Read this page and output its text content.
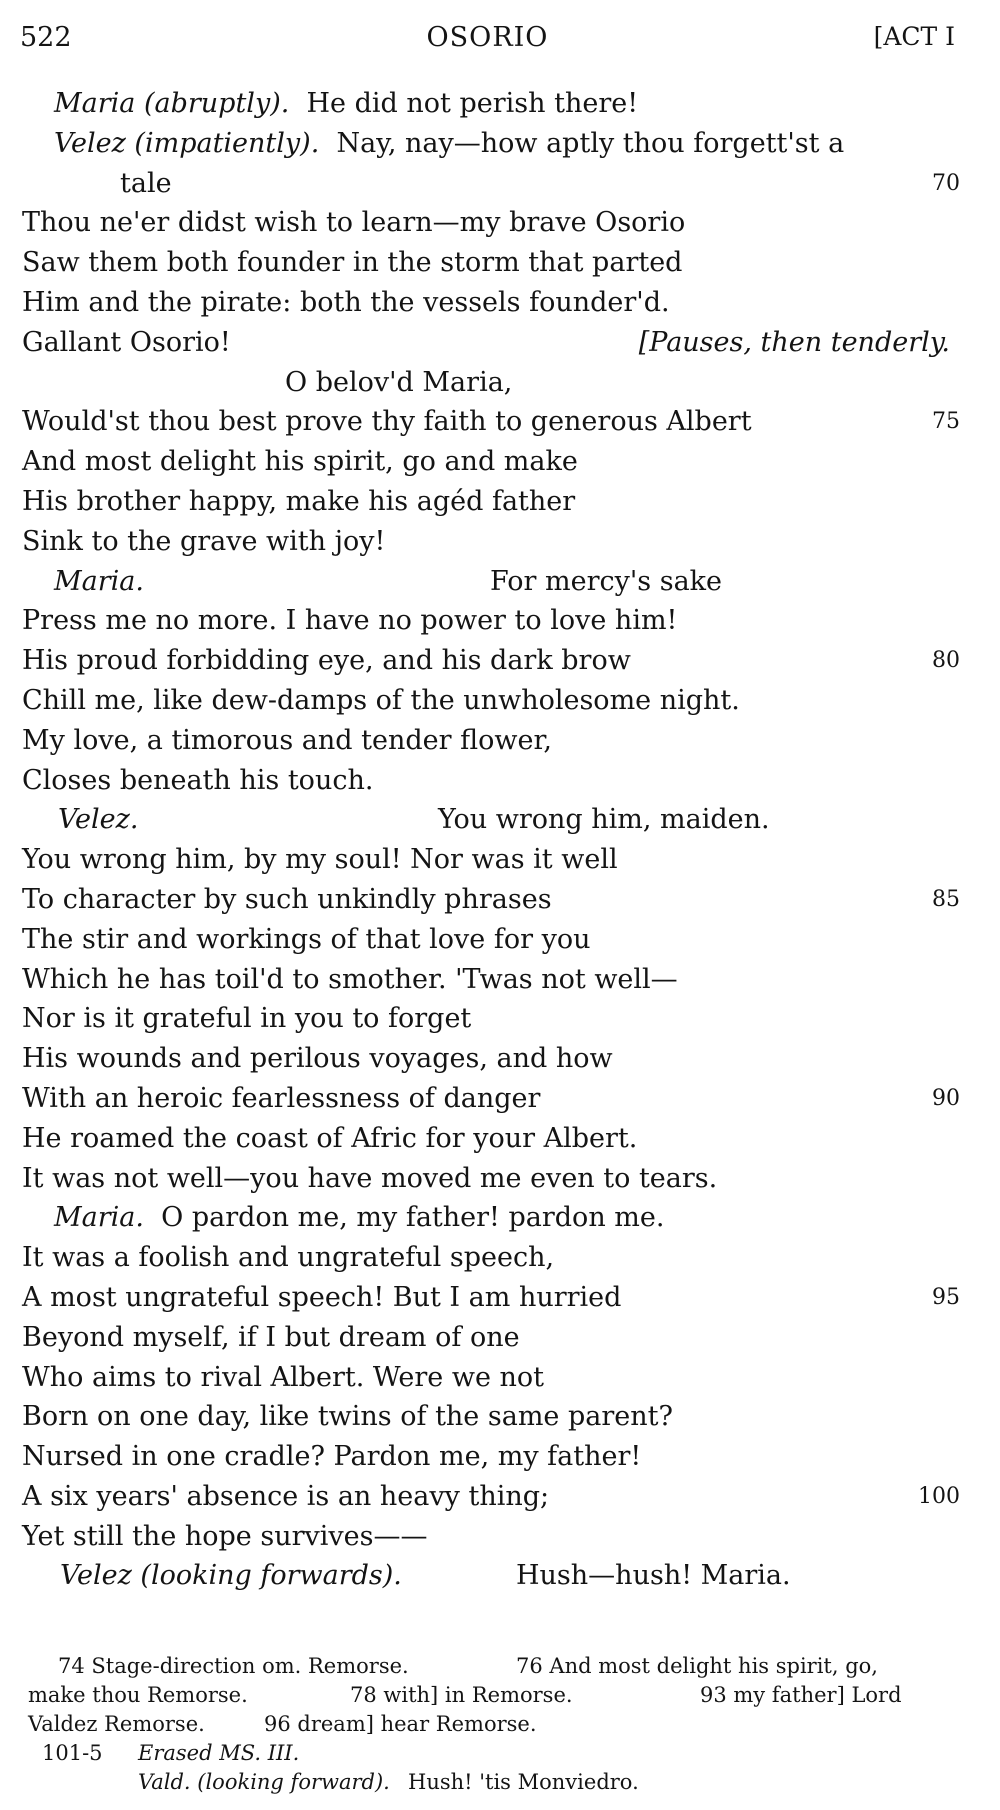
522	OSORIO	[ACT I
Maria (abruptly). He did not perish there!
Velez (impatiently). Nay, nay—how aptly thou forgett'st a
tale	70
Thou ne'er didst wish to learn—my brave Osorio
Saw them both founder in the storm that parted
Him and the pirate: both the vessels founder'd.
Gallant Osorio!	[Pauses, then tenderly.
O belov'd Maria,
Would'st thou best prove thy faith to generous Albert	75
And most delight his spirit, go and make
His brother happy, make his agéd father
Sink to the grave with joy!
Maria.	For mercy's sake
Press me no more. I have no power to love him!
His proud forbidding eye, and his dark brow	80
Chill me, like dew-damps of the unwholesome night.
My love, a timorous and tender flower,
Closes beneath his touch.
Velez.	You wrong him, maiden.
You wrong him, by my soul! Nor was it well
To character by such unkindly phrases	85
The stir and workings of that love for you
Which he has toil'd to smother. 'Twas not well—
Nor is it grateful in you to forget
His wounds and perilous voyages, and how
With an heroic fearlessness of danger	90
He roamed the coast of Afric for your Albert.
It was not well—you have moved me even to tears.
Maria. O pardon me, my father! pardon me.
It was a foolish and ungrateful speech,
A most ungrateful speech! But I am hurried	95
Beyond myself, if I but dream of one
Who aims to rival Albert. Were we not
Born on one day, like twins of the same parent?
Nursed in one cradle? Pardon me, my father!
A six years' absence is an heavy thing;	100
Yet still the hope survives——
Velez (looking forwards).	Hush—hush! Maria.
74 Stage-direction om. Remorse.	76 And most delight his spirit, go,
make thou Remorse.	78 with] in Remorse.	93 my father] Lord
Valdez Remorse.	96 dream] hear Remorse.
101-5 Erased MS. III.
Vald. (looking forward). Hush! 'tis Monviedro.
